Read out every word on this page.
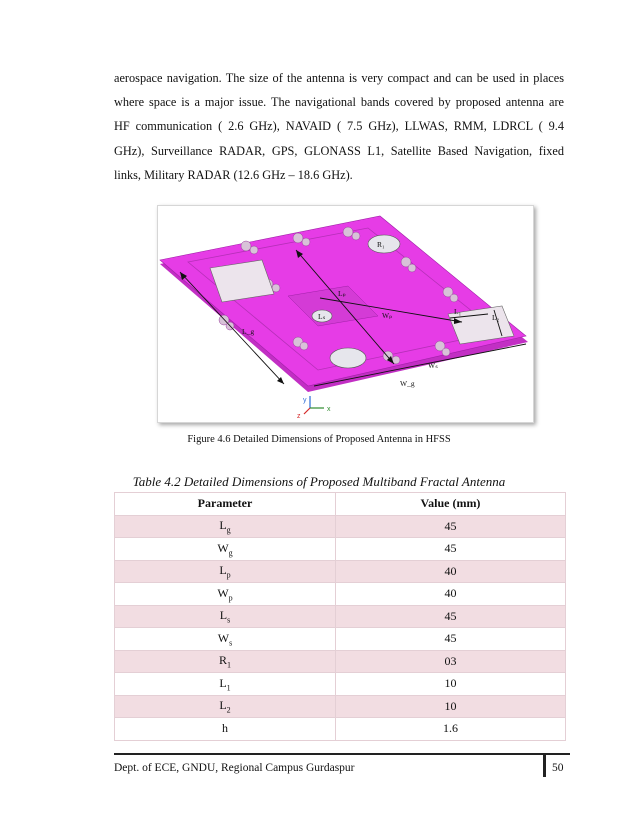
aerospace navigation. The size of the antenna is very compact and can be used in places

where space is a major issue. The navigational bands covered by proposed antenna are

HF communication ( 2.6 GHz), NAVAID ( 7.5 GHz), LLWAS, RMM, LDRCL ( 9.4

GHz), Surveillance RADAR, GPS, GLONASS L1, Satellite Based Navigation, fixed

links, Military RADAR (12.6 GHz – 18.6 GHz).

R₁
Lₚ
Lₛ
L_g
Wₚ	L₁
L₂
Wₛ
W_g
y
x
z
Figure 4.6 Detailed Dimensions of Proposed Antenna in HFSS
Table 4.2 Detailed Dimensions of Proposed Multiband Fractal Antenna
Parameter	Value (mm)
$L_g$	45
$W_g$	45
$L_p$	40
$W_p$	40
$L_s$	45
$W_s$	45
$R_1$	03
$L_1$	10
$L_2$	10
h	1.6
Dept. of ECE, GNDU, Regional Campus Gurdaspur	50
